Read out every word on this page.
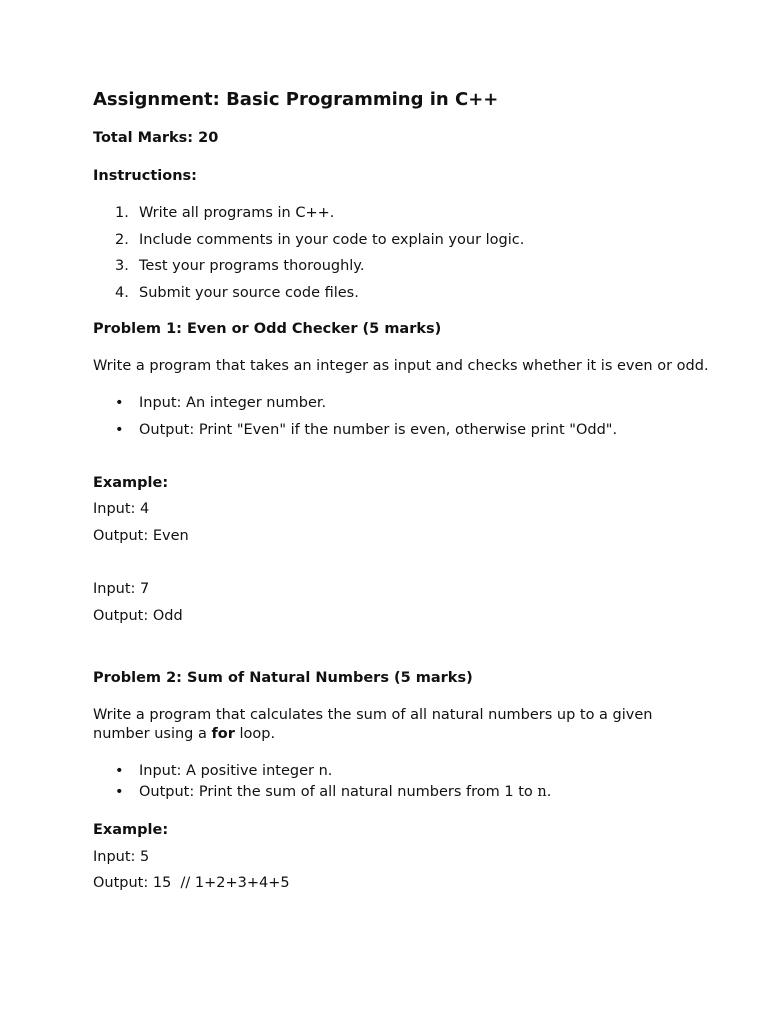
Assignment: Basic Programming in C++

Total Marks: 20

Instructions:

1. Write all programs in C++.
2. Include comments in your code to explain your logic.
3. Test your programs thoroughly.
4. Submit your source code files.

Problem 1: Even or Odd Checker (5 marks)

Write a program that takes an integer as input and checks whether it is even or odd.

• Input: An integer number.
• Output: Print "Even" if the number is even, otherwise print "Odd".

Example:

Input: 4

Output: Even

Input: 7

Output: Odd

Problem 2: Sum of Natural Numbers (5 marks)

Write a program that calculates the sum of all natural numbers up to a given number using a for loop.

• Input: A positive integer n.
• Output: Print the sum of all natural numbers from 1 to n.

Example:

Input: 5

Output: 15  // 1+2+3+4+5
